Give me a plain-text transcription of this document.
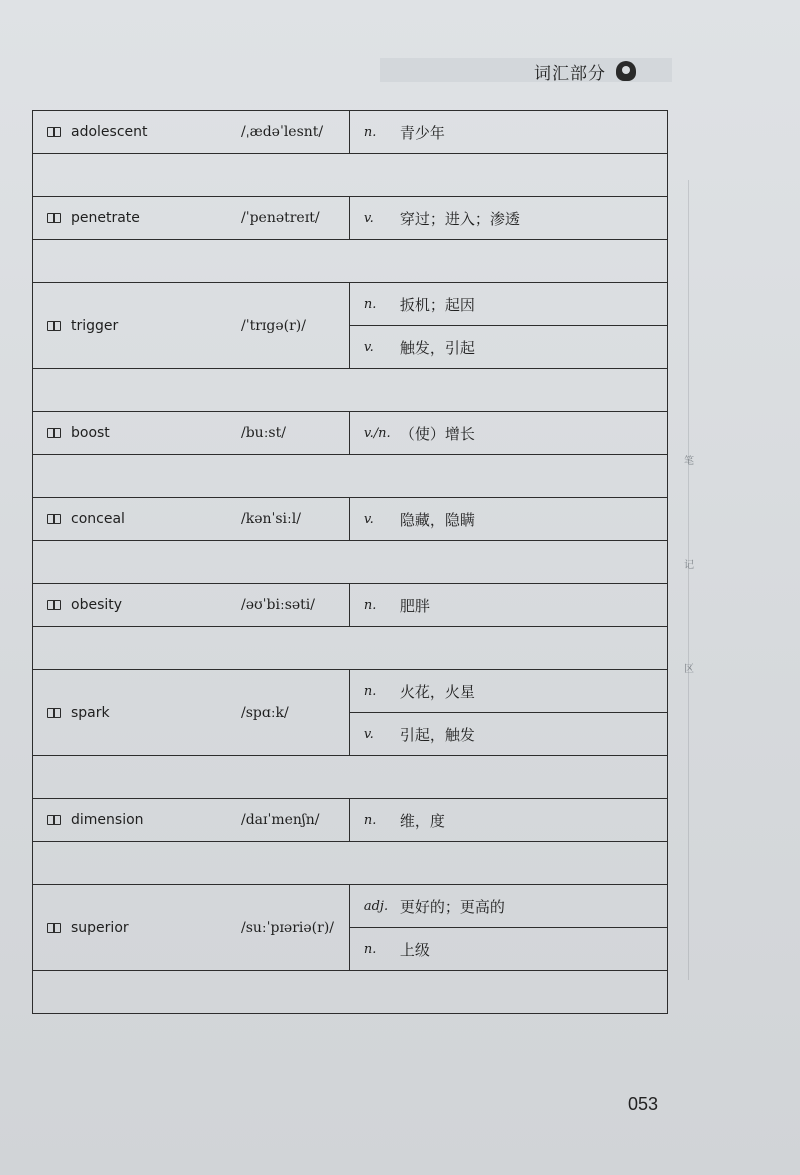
词汇部分
笔
记
区
adolescent /ˌædəˈlesnt/	n. 青少年

penetrate /ˈpenətreɪt/	v. 穿过；进入；渗透

trigger /ˈtrɪgə(r)/	n. 扳机；起因

	v. 触发，引起

boost /buːst/	v./n. （使）增长

conceal /kənˈsiːl/	v. 隐藏，隐瞒

obesity /əʊˈbiːsəti/	n. 肥胖

spark /spɑːk/	n. 火花，火星

	v. 引起，触发

dimension /daɪˈmenʃn/	n. 维，度

superior /suːˈpɪəriə(r)/	adj. 更好的；更高的

	n. 上级

053
